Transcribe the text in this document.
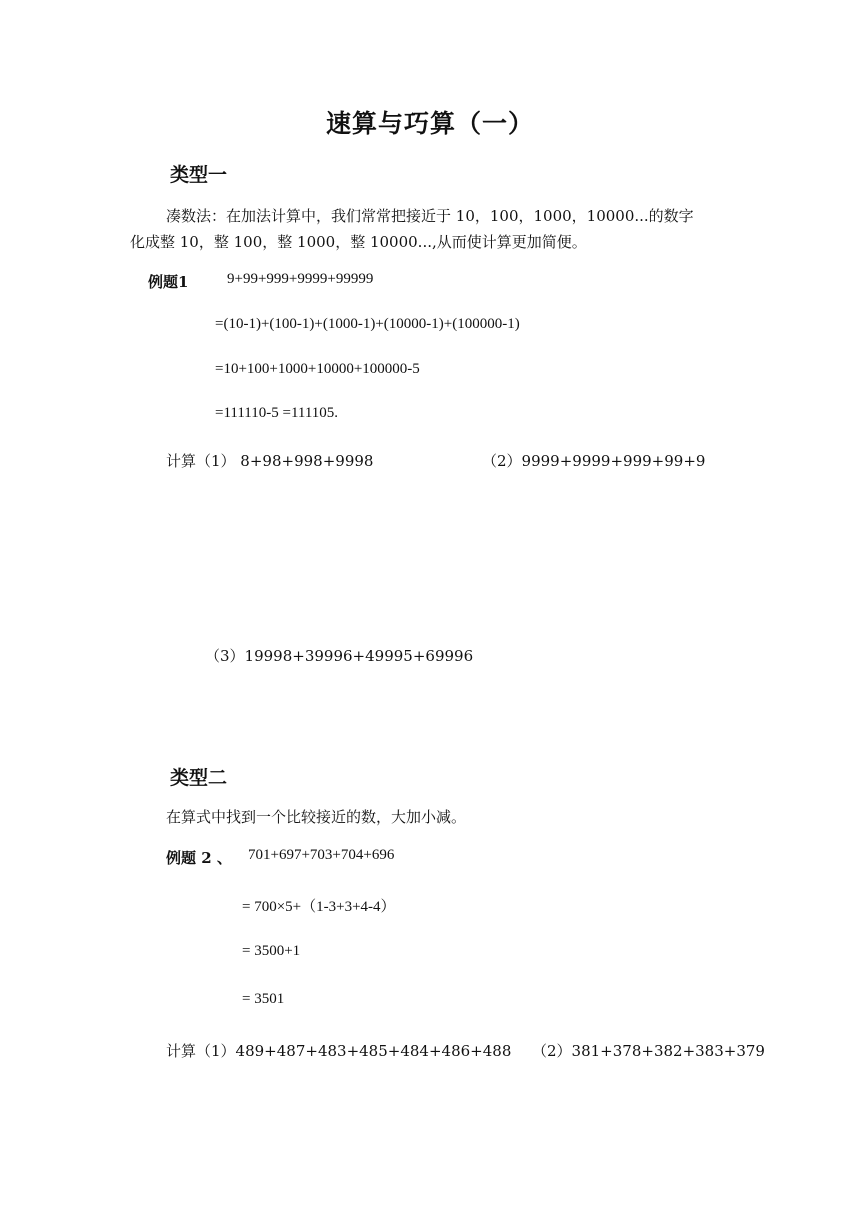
速算与巧算（一）
类型一
凑数法：在加法计算中，我们常常把接近于 10，100，1000，10000...的数字
化成整 10，整 100，整 1000，整 10000...,从而使计算更加简便。
例题1	9+99+999+9999+99999
=(10-1)+(100-1)+(1000-1)+(10000-1)+(100000-1)
=10+100+1000+10000+100000-5
=111110-5 =111105.
计算（1） 8+98+998+9998	（2）9999+9999+999+99+9
（3）19998+39996+49995+69996
类型二
在算式中找到一个比较接近的数，大加小减。
例题 2 、 701+697+703+704+696
= 700×5+（1-3+3+4-4）
= 3500+1
= 3501
计算（1）489+487+483+485+484+486+488 （2）381+378+382+383+379
